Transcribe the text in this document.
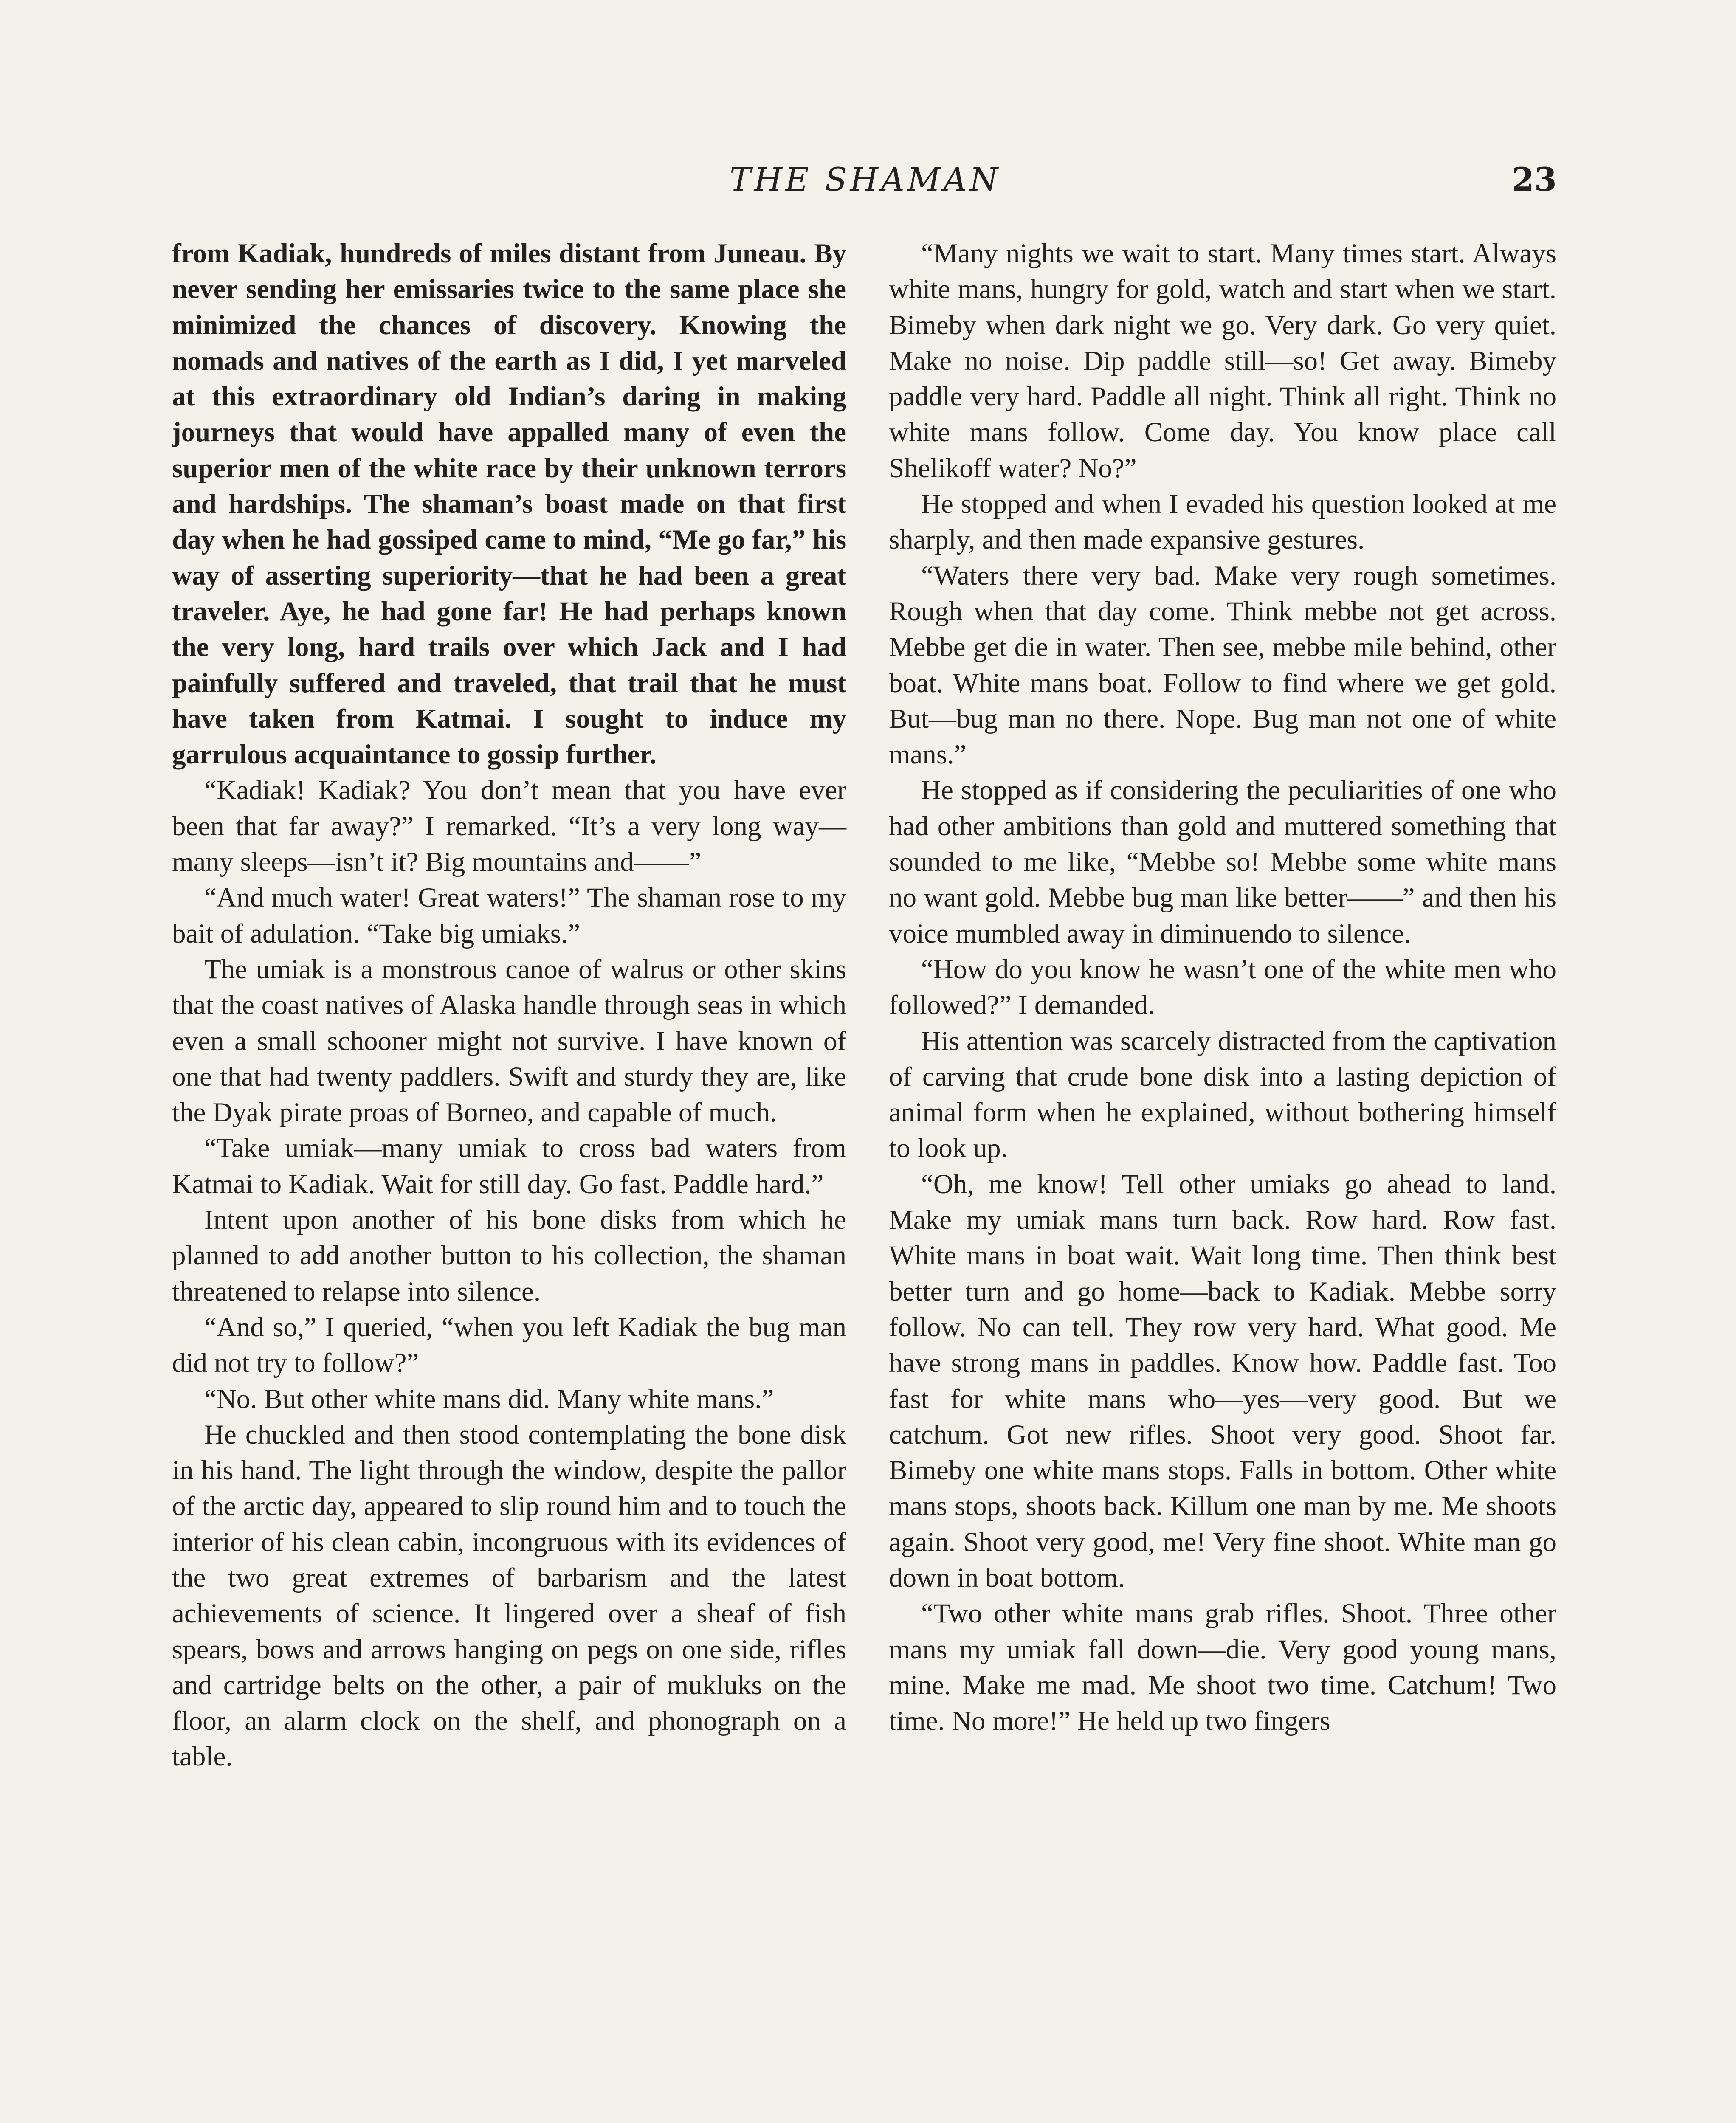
THE SHAMAN	23

from Kadiak, hundreds of miles distant from Juneau. By never sending her emissaries twice to the same place she minimized the chances of discovery. Knowing the nomads and natives of the earth as I did, I yet marveled at this extraordinary old Indian’s daring in making journeys that would have appalled many of even the superior men of the white race by their unknown terrors and hardships. The shaman’s boast made on that first day when he had gossiped came to mind, “Me go far,” his way of asserting superiority—that he had been a great traveler. Aye, he had gone far! He had perhaps known the very long, hard trails over which Jack and I had painfully suffered and traveled, that trail that he must have taken from Katmai. I sought to induce my garrulous acquaintance to gossip further.

“Kadiak! Kadiak? You don’t mean that you have ever been that far away?” I remarked. “It’s a very long way—many sleeps—isn’t it? Big mountains and——”

“And much water! Great waters!” The shaman rose to my bait of adulation. “Take big umiaks.”

The umiak is a monstrous canoe of walrus or other skins that the coast natives of Alaska handle through seas in which even a small schooner might not survive. I have known of one that had twenty paddlers. Swift and sturdy they are, like the Dyak pirate proas of Borneo, and capable of much.

“Take umiak—many umiak to cross bad waters from Katmai to Kadiak. Wait for still day. Go fast. Paddle hard.”

Intent upon another of his bone disks from which he planned to add another button to his collection, the shaman threatened to relapse into silence.

“And so,” I queried, “when you left Kadiak the bug man did not try to follow?”

“No. But other white mans did. Many white mans.”

He chuckled and then stood contemplating the bone disk in his hand. The light through the window, despite the pallor of the arctic day, appeared to slip round him and to touch the interior of his clean cabin, incongruous with its evidences of the two great extremes of barbarism and the latest achievements of science. It lingered over a sheaf of fish spears, bows and arrows hanging on pegs on one side, rifles and cartridge belts on the other, a pair of mukluks on the floor, an alarm clock on the shelf, and phonograph on a table.

“Many nights we wait to start. Many times start. Always white mans, hungry for gold, watch and start when we start. Bimeby when dark night we go. Very dark. Go very quiet. Make no noise. Dip paddle still—so! Get away. Bimeby paddle very hard. Paddle all night. Think all right. Think no white mans follow. Come day. You know place call Shelikoff water? No?”

He stopped and when I evaded his question looked at me sharply, and then made expansive gestures.

“Waters there very bad. Make very rough sometimes. Rough when that day come. Think mebbe not get across. Mebbe get die in water. Then see, mebbe mile behind, other boat. White mans boat. Follow to find where we get gold. But—bug man no there. Nope. Bug man not one of white mans.”

He stopped as if considering the peculiarities of one who had other ambitions than gold and muttered something that sounded to me like, “Mebbe so! Mebbe some white mans no want gold. Mebbe bug man like better——” and then his voice mumbled away in diminuendo to silence.

“How do you know he wasn’t one of the white men who followed?” I demanded.

His attention was scarcely distracted from the captivation of carving that crude bone disk into a lasting depiction of animal form when he explained, without bothering himself to look up.

“Oh, me know! Tell other umiaks go ahead to land. Make my umiak mans turn back. Row hard. Row fast. White mans in boat wait. Wait long time. Then think best better turn and go home—back to Kadiak. Mebbe sorry follow. No can tell. They row very hard. What good. Me have strong mans in paddles. Know how. Paddle fast. Too fast for white mans who—yes—very good. But we catchum. Got new rifles. Shoot very good. Shoot far. Bimeby one white mans stops. Falls in bottom. Other white mans stops, shoots back. Killum one man by me. Me shoots again. Shoot very good, me! Very fine shoot. White man go down in boat bottom.

“Two other white mans grab rifles. Shoot. Three other mans my umiak fall down—die. Very good young mans, mine. Make me mad. Me shoot two time. Catchum! Two time. No more!” He held up two fingers
